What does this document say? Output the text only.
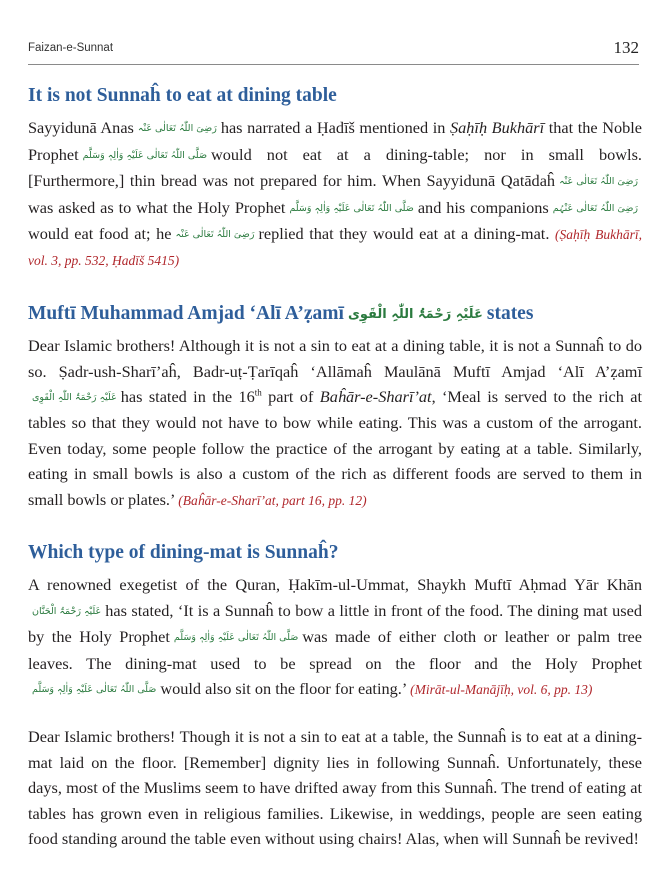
Faizan-e-Sunnat	132
It is not Sunnaĥ to eat at dining table

Sayyidunā Anas رَضِیَ اللّٰہُ تَعَالٰی عَنْہ has narrated a Ḥadīš mentioned in Ṣaḥīḥ Bukhārī that the Noble Prophet صَلَّی اللّٰہُ تَعَالٰی عَلَیْہِ وَاٰلِہٖ وَسَلَّم would not eat at a dining-table; nor in small bowls. [Furthermore,] thin bread was not prepared for him. When Sayyidunā Qatādaĥ رَضِیَ اللّٰہُ تَعَالٰی عَنْہwas asked as to what the Holy Prophet صَلَّی اللّٰہُ تَعَالٰی عَلَیْہِ وَاٰلِہٖ وَسَلَّم and his companions رَضِیَ اللّٰہُ تَعَالٰی عَنْہُمwould eat food at; he رَضِیَ اللّٰہُ تَعَالٰی عَنْہ replied that they would eat at a dining-mat. (Ṣaḥīḥ Bukhārī, vol. 3, pp. 532, Ḥadīš 5415)

Muftī Muhammad Amjad ‘Alī A’ẓamī عَلَیْہِ رَحْمَۃُ اللّٰہِ الْقَوِی states

Dear Islamic brothers! Although it is not a sin to eat at a dining table, it is not a Sunnaĥ to do so. Ṣadr-ush-Sharī’aĥ, Badr-uṭ-Ṭarīqaĥ ‘Allāmaĥ Maulānā Muftī Amjad ‘Alī A’ẓamīعَلَیْہِ رَحْمَۃُ اللّٰہِ الْقَوِی has stated in the 16th part of Baĥār-e-Sharī’at, ‘Meal is served to the rich at tables so that they would not have to bow while eating. This was a custom of the arrogant. Even today, some people follow the practice of the arrogant by eating at a table. Similarly, eating in small bowls is also a custom of the rich as different foods are served to them in small bowls or plates.’ (Baĥār-e-Sharī’at, part 16, pp. 12)

Which type of dining-mat is Sunnaĥ?

A renowned exegetist of the Quran, Ḥakīm-ul-Ummat, Shaykh Muftī Aḥmad Yār Khānعَلَیْہِ رَحْمَۃُ الْحَنَّان has stated, ‘It is a Sunnaĥ to bow a little in front of the food. The dining mat used by the Holy Prophet صَلَّی اللّٰہُ تَعَالٰی عَلَیْہِ وَاٰلِہٖ وَسَلَّم was made of either cloth or leather or palm tree leaves. The dining-mat used to be spread on the floor and the Holy Prophetصَلَّی اللّٰہُ تَعَالٰی عَلَیْہِ وَاٰلِہٖ وَسَلَّم would also sit on the floor for eating.’ (Mirāt-ul-Manājīḥ, vol. 6, pp. 13)

Dear Islamic brothers! Though it is not a sin to eat at a table, the Sunnaĥ is to eat at a dining-mat laid on the floor. [Remember] dignity lies in following Sunnaĥ. Unfortunately, these days, most of the Muslims seem to have drifted away from this Sunnaĥ. The trend of eating at tables has grown even in religious families. Likewise, in weddings, people are seen eating food standing around the table even without using chairs! Alas, when will Sunnaĥ be revived!
